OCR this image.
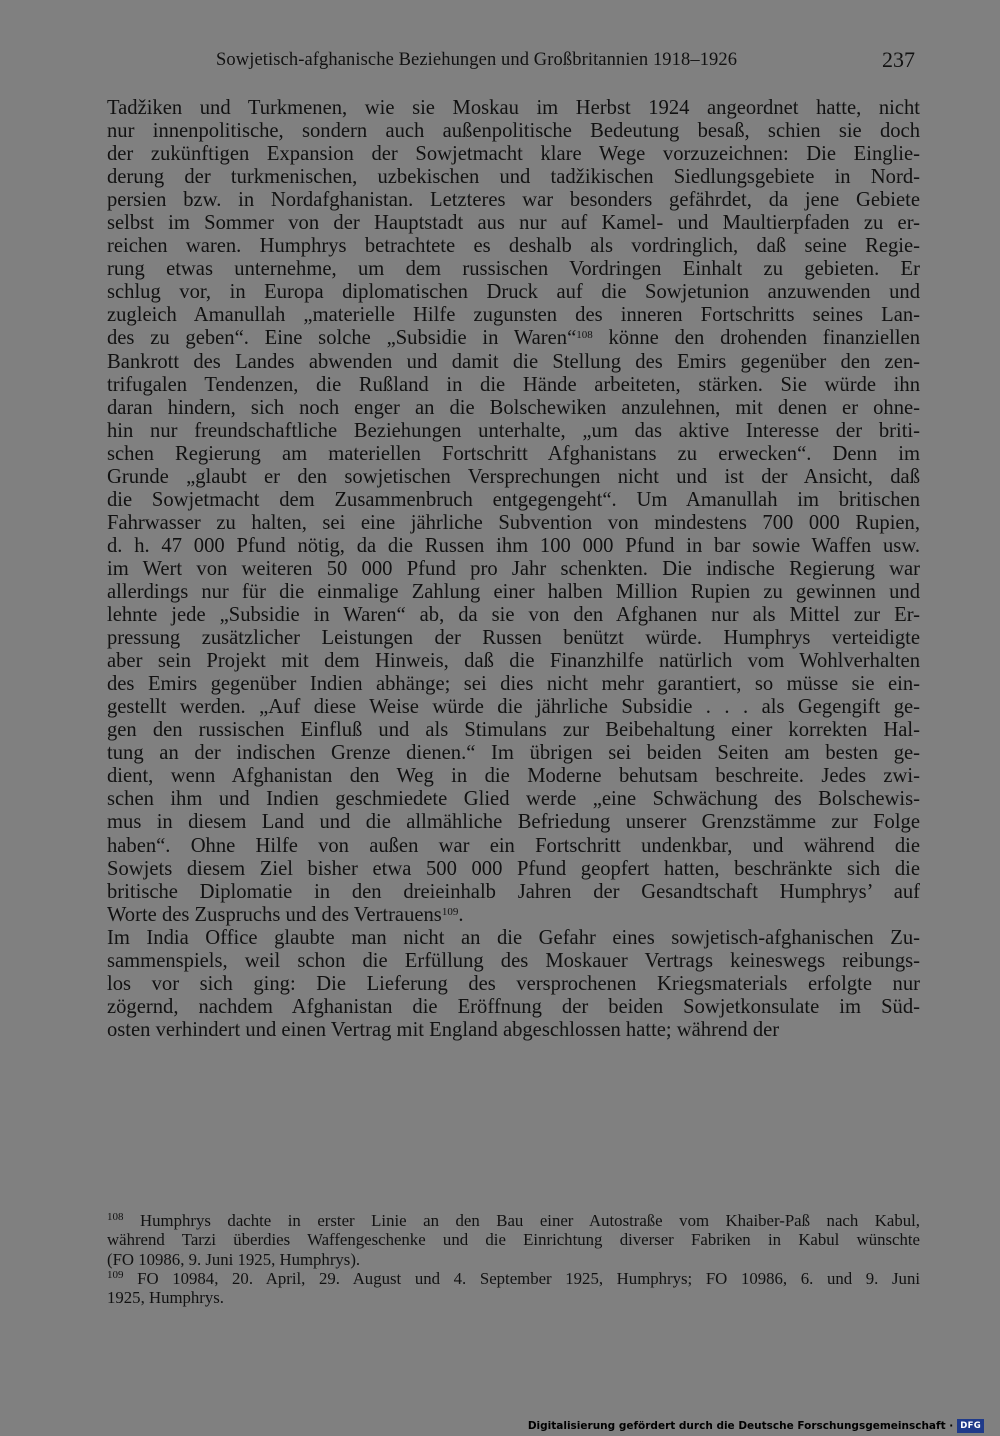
Sowjetisch-afghanische Beziehungen und Großbritannien 1918–1926	237
Tadžiken und Turkmenen, wie sie Moskau im Herbst 1924 angeordnet hatte, nicht
nur innenpolitische, sondern auch außenpolitische Bedeutung besaß, schien sie doch
der zukünftigen Expansion der Sowjetmacht klare Wege vorzuzeichnen: Die Einglie-
derung der turkmenischen, uzbekischen und tadžikischen Siedlungsgebiete in Nord-
persien bzw. in Nordafghanistan. Letzteres war besonders gefährdet, da jene Gebiete
selbst im Sommer von der Hauptstadt aus nur auf Kamel- und Maultierpfaden zu er-
reichen waren. Humphrys betrachtete es deshalb als vordringlich, daß seine Regie-
rung etwas unternehme, um dem russischen Vordringen Einhalt zu gebieten. Er
schlug vor, in Europa diplomatischen Druck auf die Sowjetunion anzuwenden und
zugleich Amanullah „materielle Hilfe zugunsten des inneren Fortschritts seines Lan-
des zu geben“. Eine solche „Subsidie in Waren“$^{108}$ könne den drohenden finanziellen
Bankrott des Landes abwenden und damit die Stellung des Emirs gegenüber den zen-
trifugalen Tendenzen, die Rußland in die Hände arbeiteten, stärken. Sie würde ihn
daran hindern, sich noch enger an die Bolschewiken anzulehnen, mit denen er ohne-
hin nur freundschaftliche Beziehungen unterhalte, „um das aktive Interesse der briti-
schen Regierung am materiellen Fortschritt Afghanistans zu erwecken“. Denn im
Grunde „glaubt er den sowjetischen Versprechungen nicht und ist der Ansicht, daß
die Sowjetmacht dem Zusammenbruch entgegengeht“. Um Amanullah im britischen
Fahrwasser zu halten, sei eine jährliche Subvention von mindestens 700 000 Rupien,
d. h. 47 000 Pfund nötig, da die Russen ihm 100 000 Pfund in bar sowie Waffen usw.
im Wert von weiteren 50 000 Pfund pro Jahr schenkten. Die indische Regierung war
allerdings nur für die einmalige Zahlung einer halben Million Rupien zu gewinnen und
lehnte jede „Subsidie in Waren“ ab, da sie von den Afghanen nur als Mittel zur Er-
pressung zusätzlicher Leistungen der Russen benützt würde. Humphrys verteidigte
aber sein Projekt mit dem Hinweis, daß die Finanzhilfe natürlich vom Wohlverhalten
des Emirs gegenüber Indien abhänge; sei dies nicht mehr garantiert, so müsse sie ein-
gestellt werden. „Auf diese Weise würde die jährliche Subsidie . . . als Gegengift ge-
gen den russischen Einfluß und als Stimulans zur Beibehaltung einer korrekten Hal-
tung an der indischen Grenze dienen.“ Im übrigen sei beiden Seiten am besten ge-
dient, wenn Afghanistan den Weg in die Moderne behutsam beschreite. Jedes zwi-
schen ihm und Indien geschmiedete Glied werde „eine Schwächung des Bolschewis-
mus in diesem Land und die allmähliche Befriedung unserer Grenzstämme zur Folge
haben“. Ohne Hilfe von außen war ein Fortschritt undenkbar, und während die
Sowjets diesem Ziel bisher etwa 500 000 Pfund geopfert hatten, beschränkte sich die
britische Diplomatie in den dreieinhalb Jahren der Gesandtschaft Humphrys’ auf
Worte des Zuspruchs und des Vertrauens$^{109}$.
Im India Office glaubte man nicht an die Gefahr eines sowjetisch-afghanischen Zu-
sammenspiels, weil schon die Erfüllung des Moskauer Vertrags keineswegs reibungs-
los vor sich ging: Die Lieferung des versprochenen Kriegsmaterials erfolgte nur
zögernd, nachdem Afghanistan die Eröffnung der beiden Sowjetkonsulate im Süd-
osten verhindert und einen Vertrag mit England abgeschlossen hatte; während der
$^{108}$ Humphrys dachte in erster Linie an den Bau einer Autostraße vom Khaiber-Paß nach Kabul,
während Tarzi überdies Waffengeschenke und die Einrichtung diverser Fabriken in Kabul wünschte
(FO 10986, 9. Juni 1925, Humphrys).
$^{109}$ FO 10984, 20. April, 29. August und 4. September 1925, Humphrys; FO 10986, 6. und 9. Juni
1925, Humphrys.
Digitalisierung gefördert durch die Deutsche Forschungsgemeinschaft · DFG
